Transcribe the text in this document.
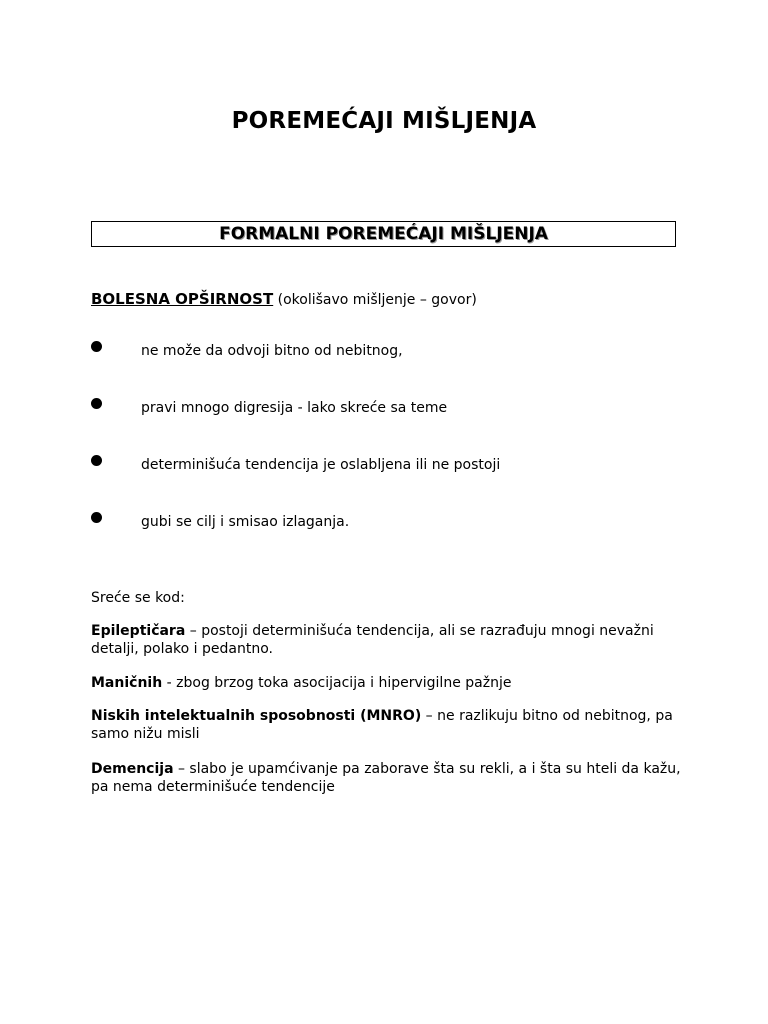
POREMEĆAJI MIŠLJENJA
FORMALNI POREMEĆAJI MIŠLJENJA
BOLESNA OPŠIRNOST (okolišavo mišljenje – govor)
ne može da odvoji bitno od nebitnog,
pravi mnogo digresija - lako skreće sa teme
determinišuća tendencija je oslabljena ili ne postoji
gubi se cilj i smisao izlaganja.
Sreće se kod:
Epileptičara – postoji determinišuća tendencija, ali se razrađuju mnogi nevažni detalji, polako i pedantno.
Maničnih - zbog brzog toka asocijacija i hipervigilne pažnje
Niskih intelektualnih sposobnosti (MNRO) – ne razlikuju bitno od nebitnog, pa samo nižu misli
Demencija – slabo je upamćivanje pa zaborave šta su rekli, a i šta su hteli da kažu, pa nema determinišuće tendencije
